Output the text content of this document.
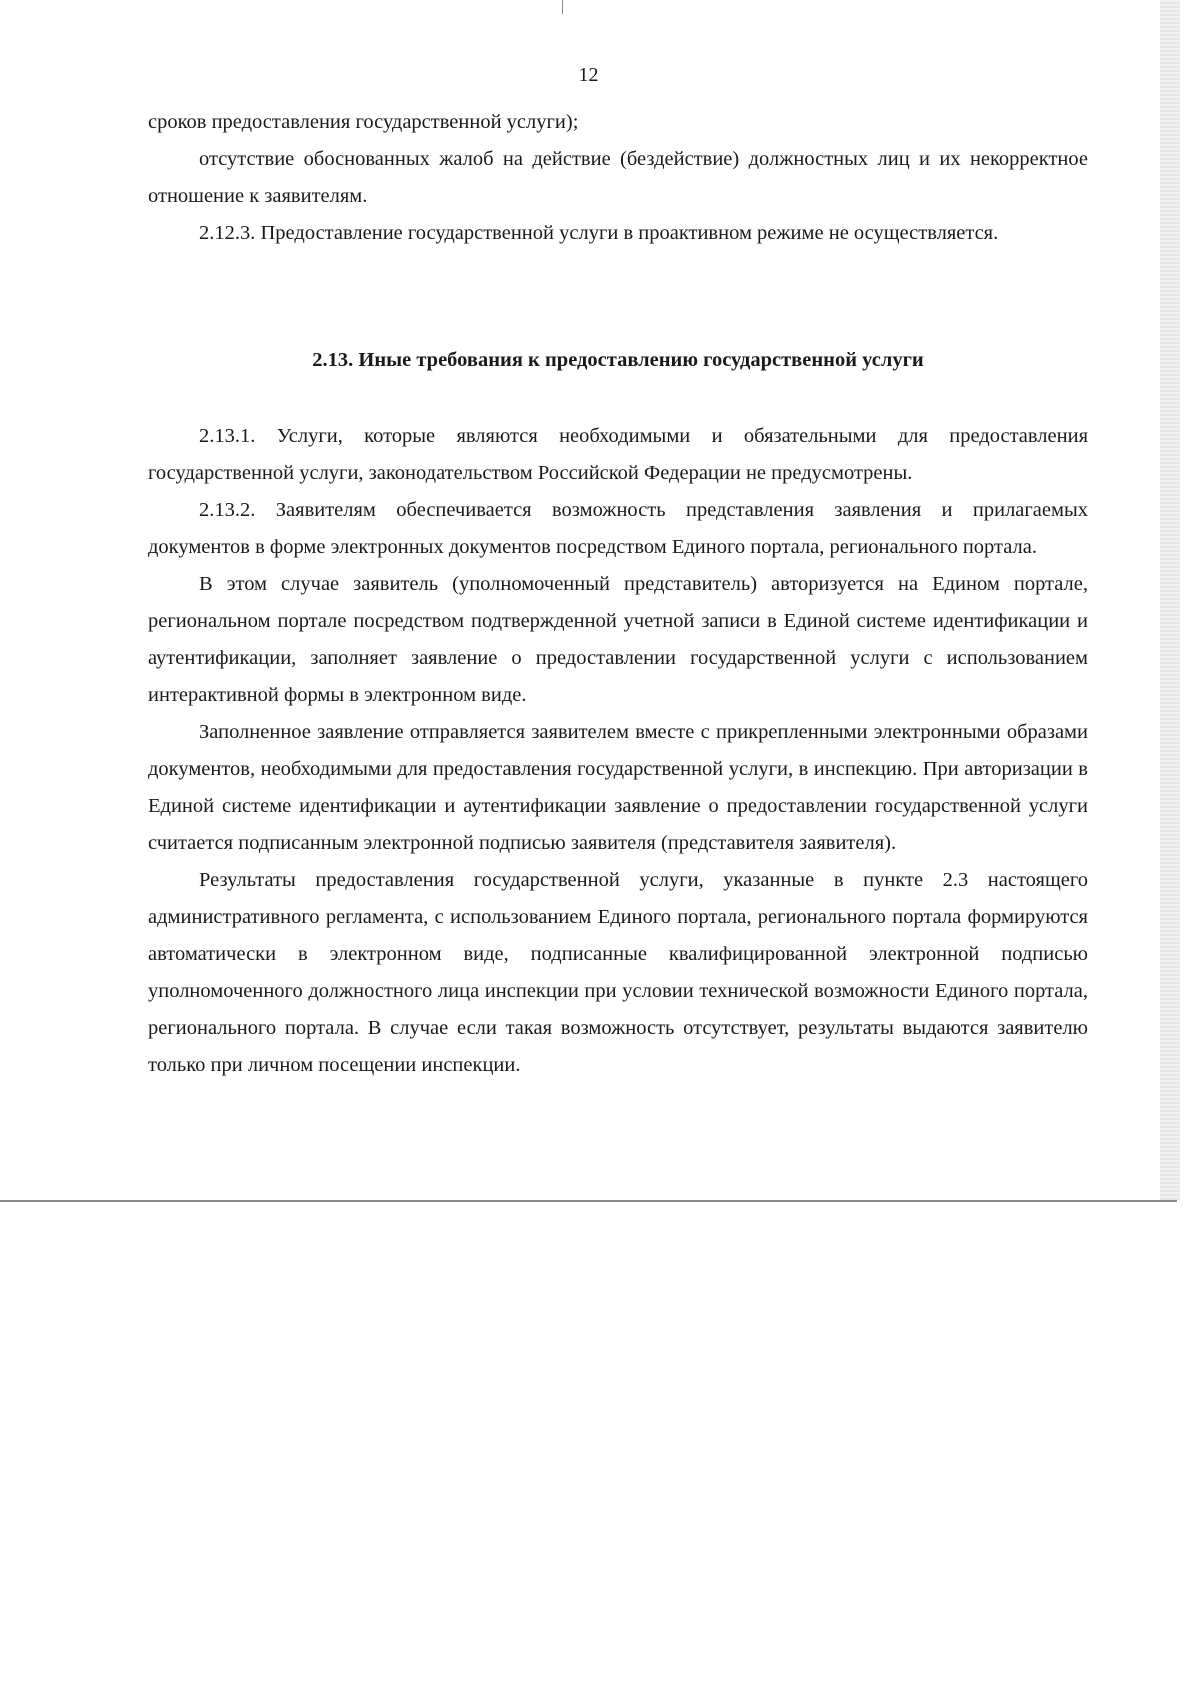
12

сроков предоставления государственной услуги);

отсутствие обоснованных жалоб на действие (бездействие) должностных лиц и их некорректное отношение к заявителям.

2.12.3. Предоставление государственной услуги в проактивном режиме не осуществляется.

2.13. Иные требования к предоставлению государственной услуги

2.13.1. Услуги, которые являются необходимыми и обязательными для предоставления государственной услуги, законодательством Российской Федерации не предусмотрены.

2.13.2. Заявителям обеспечивается возможность представления заявления и прилагаемых документов в форме электронных документов посредством Единого портала, регионального портала.

В этом случае заявитель (уполномоченный представитель) авторизуется на Едином портале, региональном портале посредством подтвержденной учетной записи в Единой системе идентификации и аутентификации, заполняет заявление о предоставлении государственной услуги с использованием интерактивной формы в электронном виде.

Заполненное заявление отправляется заявителем вместе с прикрепленными электронными образами документов, необходимыми для предоставления государственной услуги, в инспекцию. При авторизации в Единой системе идентификации и аутентификации заявление о предоставлении государственной услуги считается подписанным электронной подписью заявителя (представителя заявителя).

Результаты предоставления государственной услуги, указанные в пункте 2.3 настоящего административного регламента, с использованием Единого портала, регионального портала формируются автоматически в электронном виде, подписанные квалифицированной электронной подписью уполномоченного должностного лица инспекции при условии технической возможности Единого портала, регионального портала. В случае если такая возможность отсутствует, результаты выдаются заявителю только при личном посещении инспекции.
